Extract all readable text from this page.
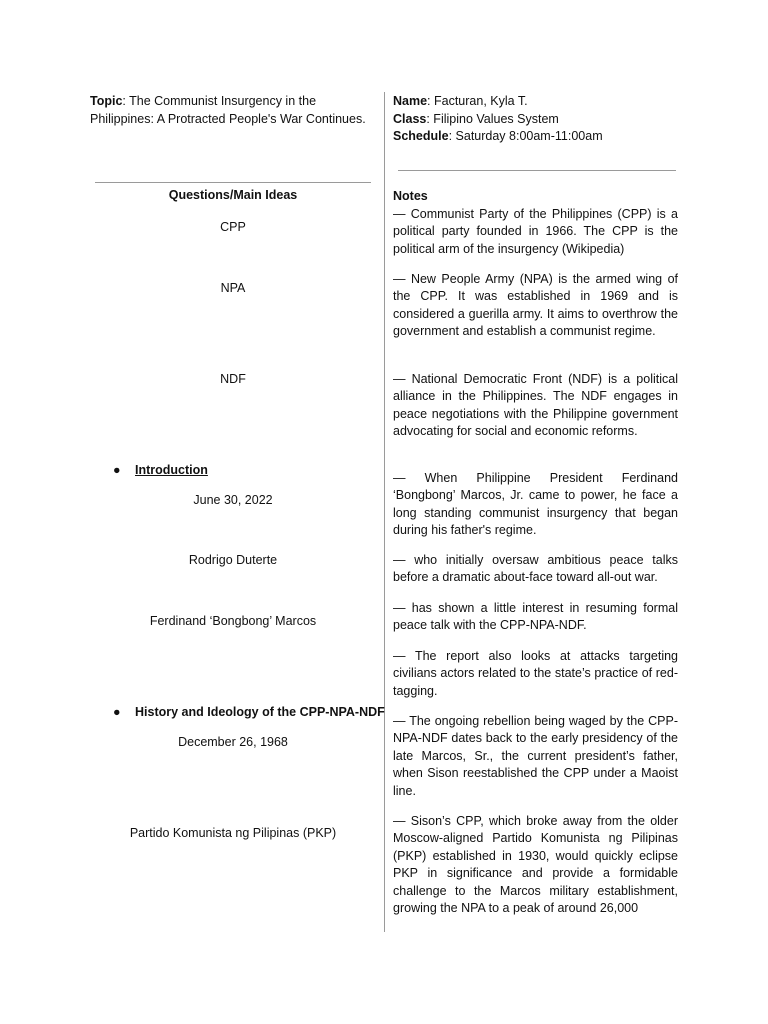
Topic: The Communist Insurgency in the Philippines: A Protracted People's War Continues.
Name: Facturan, Kyla T.
Class: Filipino Values System
Schedule: Saturday 8:00am-11:00am
Questions/Main Ideas
CPP
NPA
NDF
● Introduction
June 30, 2022
Rodrigo Duterte
Ferdinand ‘Bongbong’ Marcos
● History and Ideology of the CPP-NPA-NDF
December 26, 1968
Partido Komunista ng Pilipinas (PKP)
Notes
— Communist Party of the Philippines (CPP) is a political party founded in 1966. The CPP is the political arm of the insurgency (Wikipedia)
— New People Army (NPA) is the armed wing of the CPP. It was established in 1969 and is considered a guerilla army. It aims to overthrow the government and establish a communist regime.
— National Democratic Front (NDF) is a political alliance in the Philippines. The NDF engages in peace negotiations with the Philippine government advocating for social and economic reforms.
— When Philippine President Ferdinand ‘Bongbong’ Marcos, Jr. came to power, he face a long standing communist insurgency that began during his father's regime.
— who initially oversaw ambitious peace talks before a dramatic about-face toward all-out war.
— has shown a little interest in resuming formal peace talk with the CPP-NPA-NDF.
— The report also looks at attacks targeting civilians actors related to the state’s practice of red-tagging.
— The ongoing rebellion being waged by the CPP-NPA-NDF dates back to the early presidency of the late Marcos, Sr., the current president’s father, when Sison reestablished the CPP under a Maoist line.
— Sison’s CPP, which broke away from the older Moscow-aligned Partido Komunista ng Pilipinas (PKP) established in 1930, would quickly eclipse PKP in significance and provide a formidable challenge to the Marcos military establishment, growing the NPA to a peak of around 26,000
